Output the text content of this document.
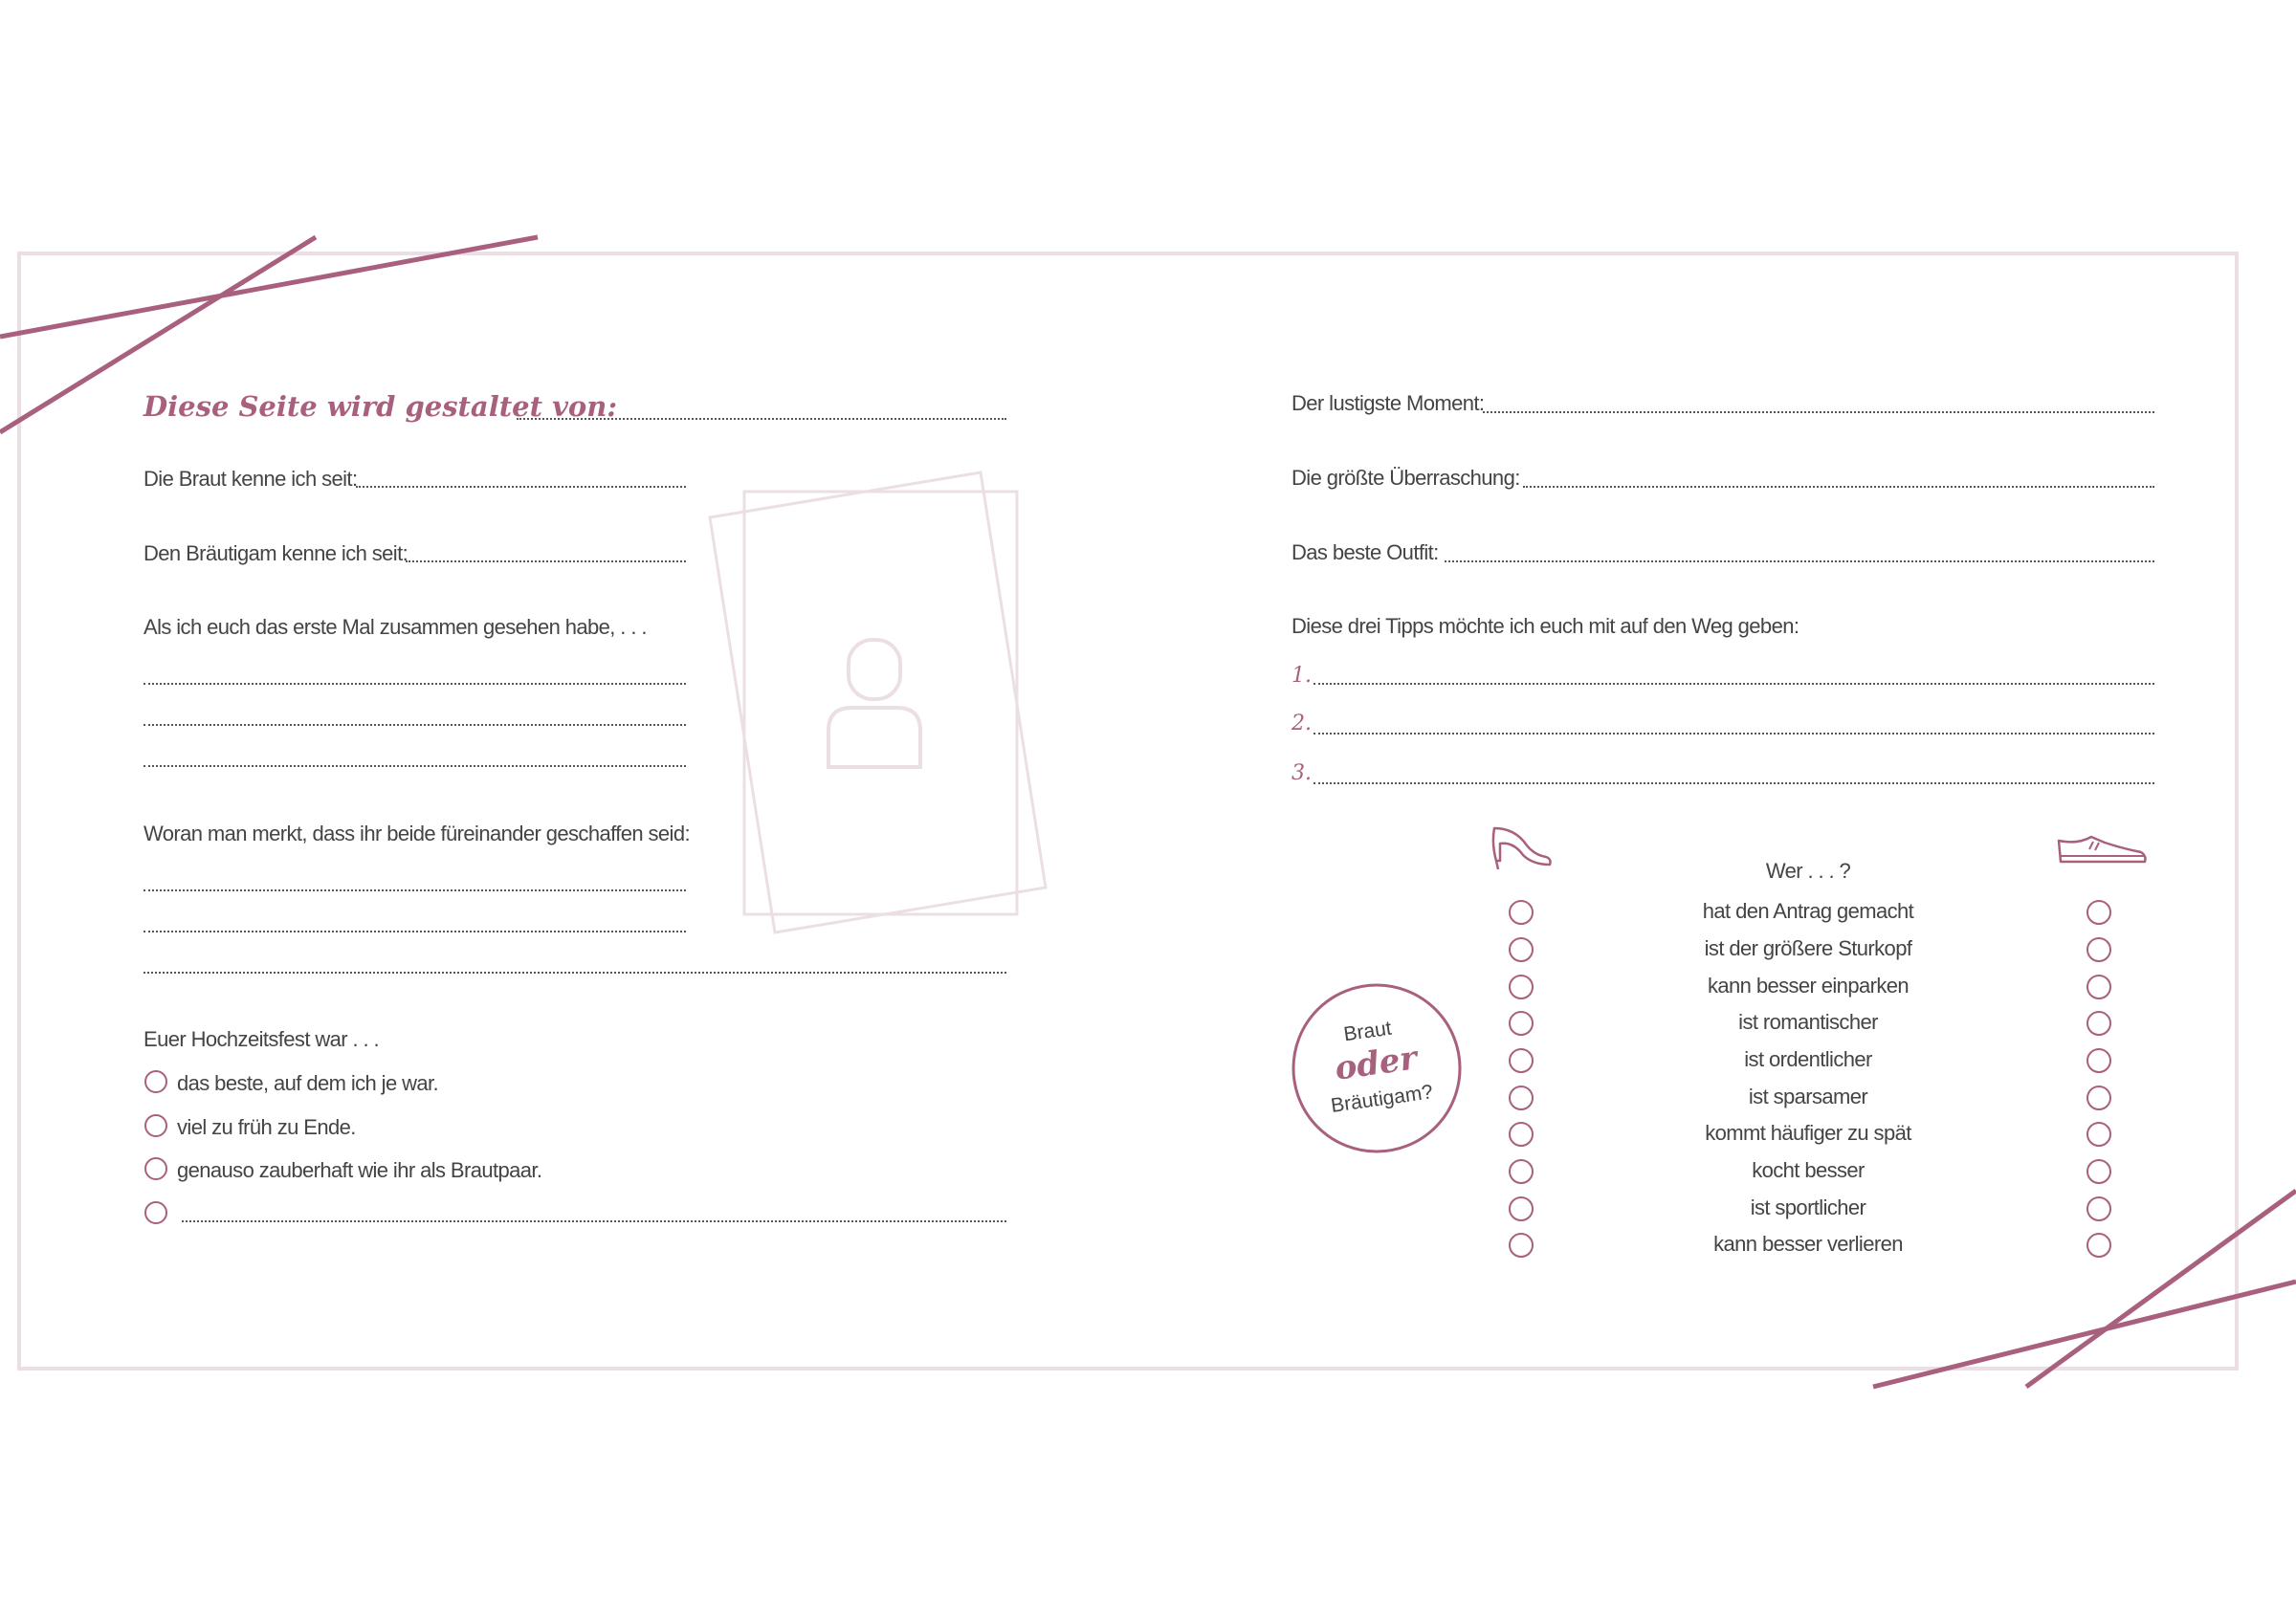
Diese Seite wird gestaltet von:
Die Braut kenne ich seit:
Den Bräutigam kenne ich seit:
Als ich euch das erste Mal zusammen gesehen habe, . . .
Woran man merkt, dass ihr beide füreinander geschaffen seid:
Euer Hochzeitsfest war . . .
das beste, auf dem ich je war.
viel zu früh zu Ende.
genauso zauberhaft wie ihr als Brautpaar.
Der lustigste Moment:
Die größte Überraschung:
Das beste Outfit:
Diese drei Tipps möchte ich euch mit auf den Weg geben:
1.
2.
3.
Wer . . . ?
Braut
oder
Bräutigam?
hat den Antrag gemacht
ist der größere Sturkopf
kann besser einparken
ist romantischer
ist ordentlicher
ist sparsamer
kommt häufiger zu spät
kocht besser
ist sportlicher
kann besser verlieren
